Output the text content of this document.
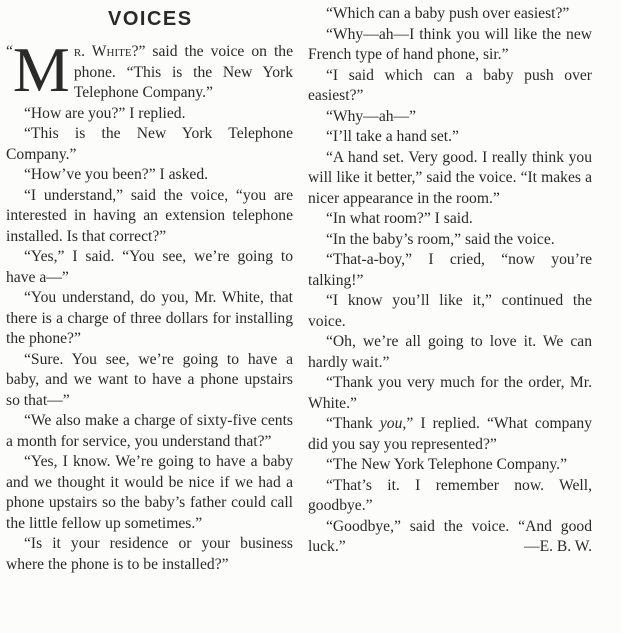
VOICES

“ M r. White?” said the voice on the phone. “This is the New York Telephone Company.”

“How are you?” I replied.

“This is the New York Telephone Company.”

“How’ve you been?” I asked.

“I understand,” said the voice, “you are interested in having an extension telephone installed. Is that correct?”

“Yes,” I said. “You see, we’re going to have a—”

“You understand, do you, Mr. White, that there is a charge of three dollars for installing the phone?”

“Sure. You see, we’re going to have a baby, and we want to have a phone upstairs so that—”

“We also make a charge of sixty-five cents a month for service, you understand that?”

“Yes, I know. We’re going to have a baby and we thought it would be nice if we had a phone upstairs so the baby’s father could call the little fellow up sometimes.”

“Is it your residence or your business where the phone is to be installed?”

“Which can a baby push over easiest?”

“Why—ah—I think you will like the new French type of hand phone, sir.”

“I said which can a baby push over easiest?”

“Why—ah—”

“I’ll take a hand set.”

“A hand set. Very good. I really think you will like it better,” said the voice. “It makes a nicer appearance in the room.”

“In what room?” I said.

“In the baby’s room,” said the voice.

“That-a-boy,” I cried, “now you’re talking!”

“I know you’ll like it,” continued the voice.

“Oh, we’re all going to love it. We can hardly wait.”

“Thank you very much for the order, Mr. White.”

“Thank you,” I replied. “What company did you say you represented?”

“The New York Telephone Company.”

“That’s it. I remember now. Well, goodbye.”

“Goodbye,” said the voice. “And good luck.”	—E. B. W.
